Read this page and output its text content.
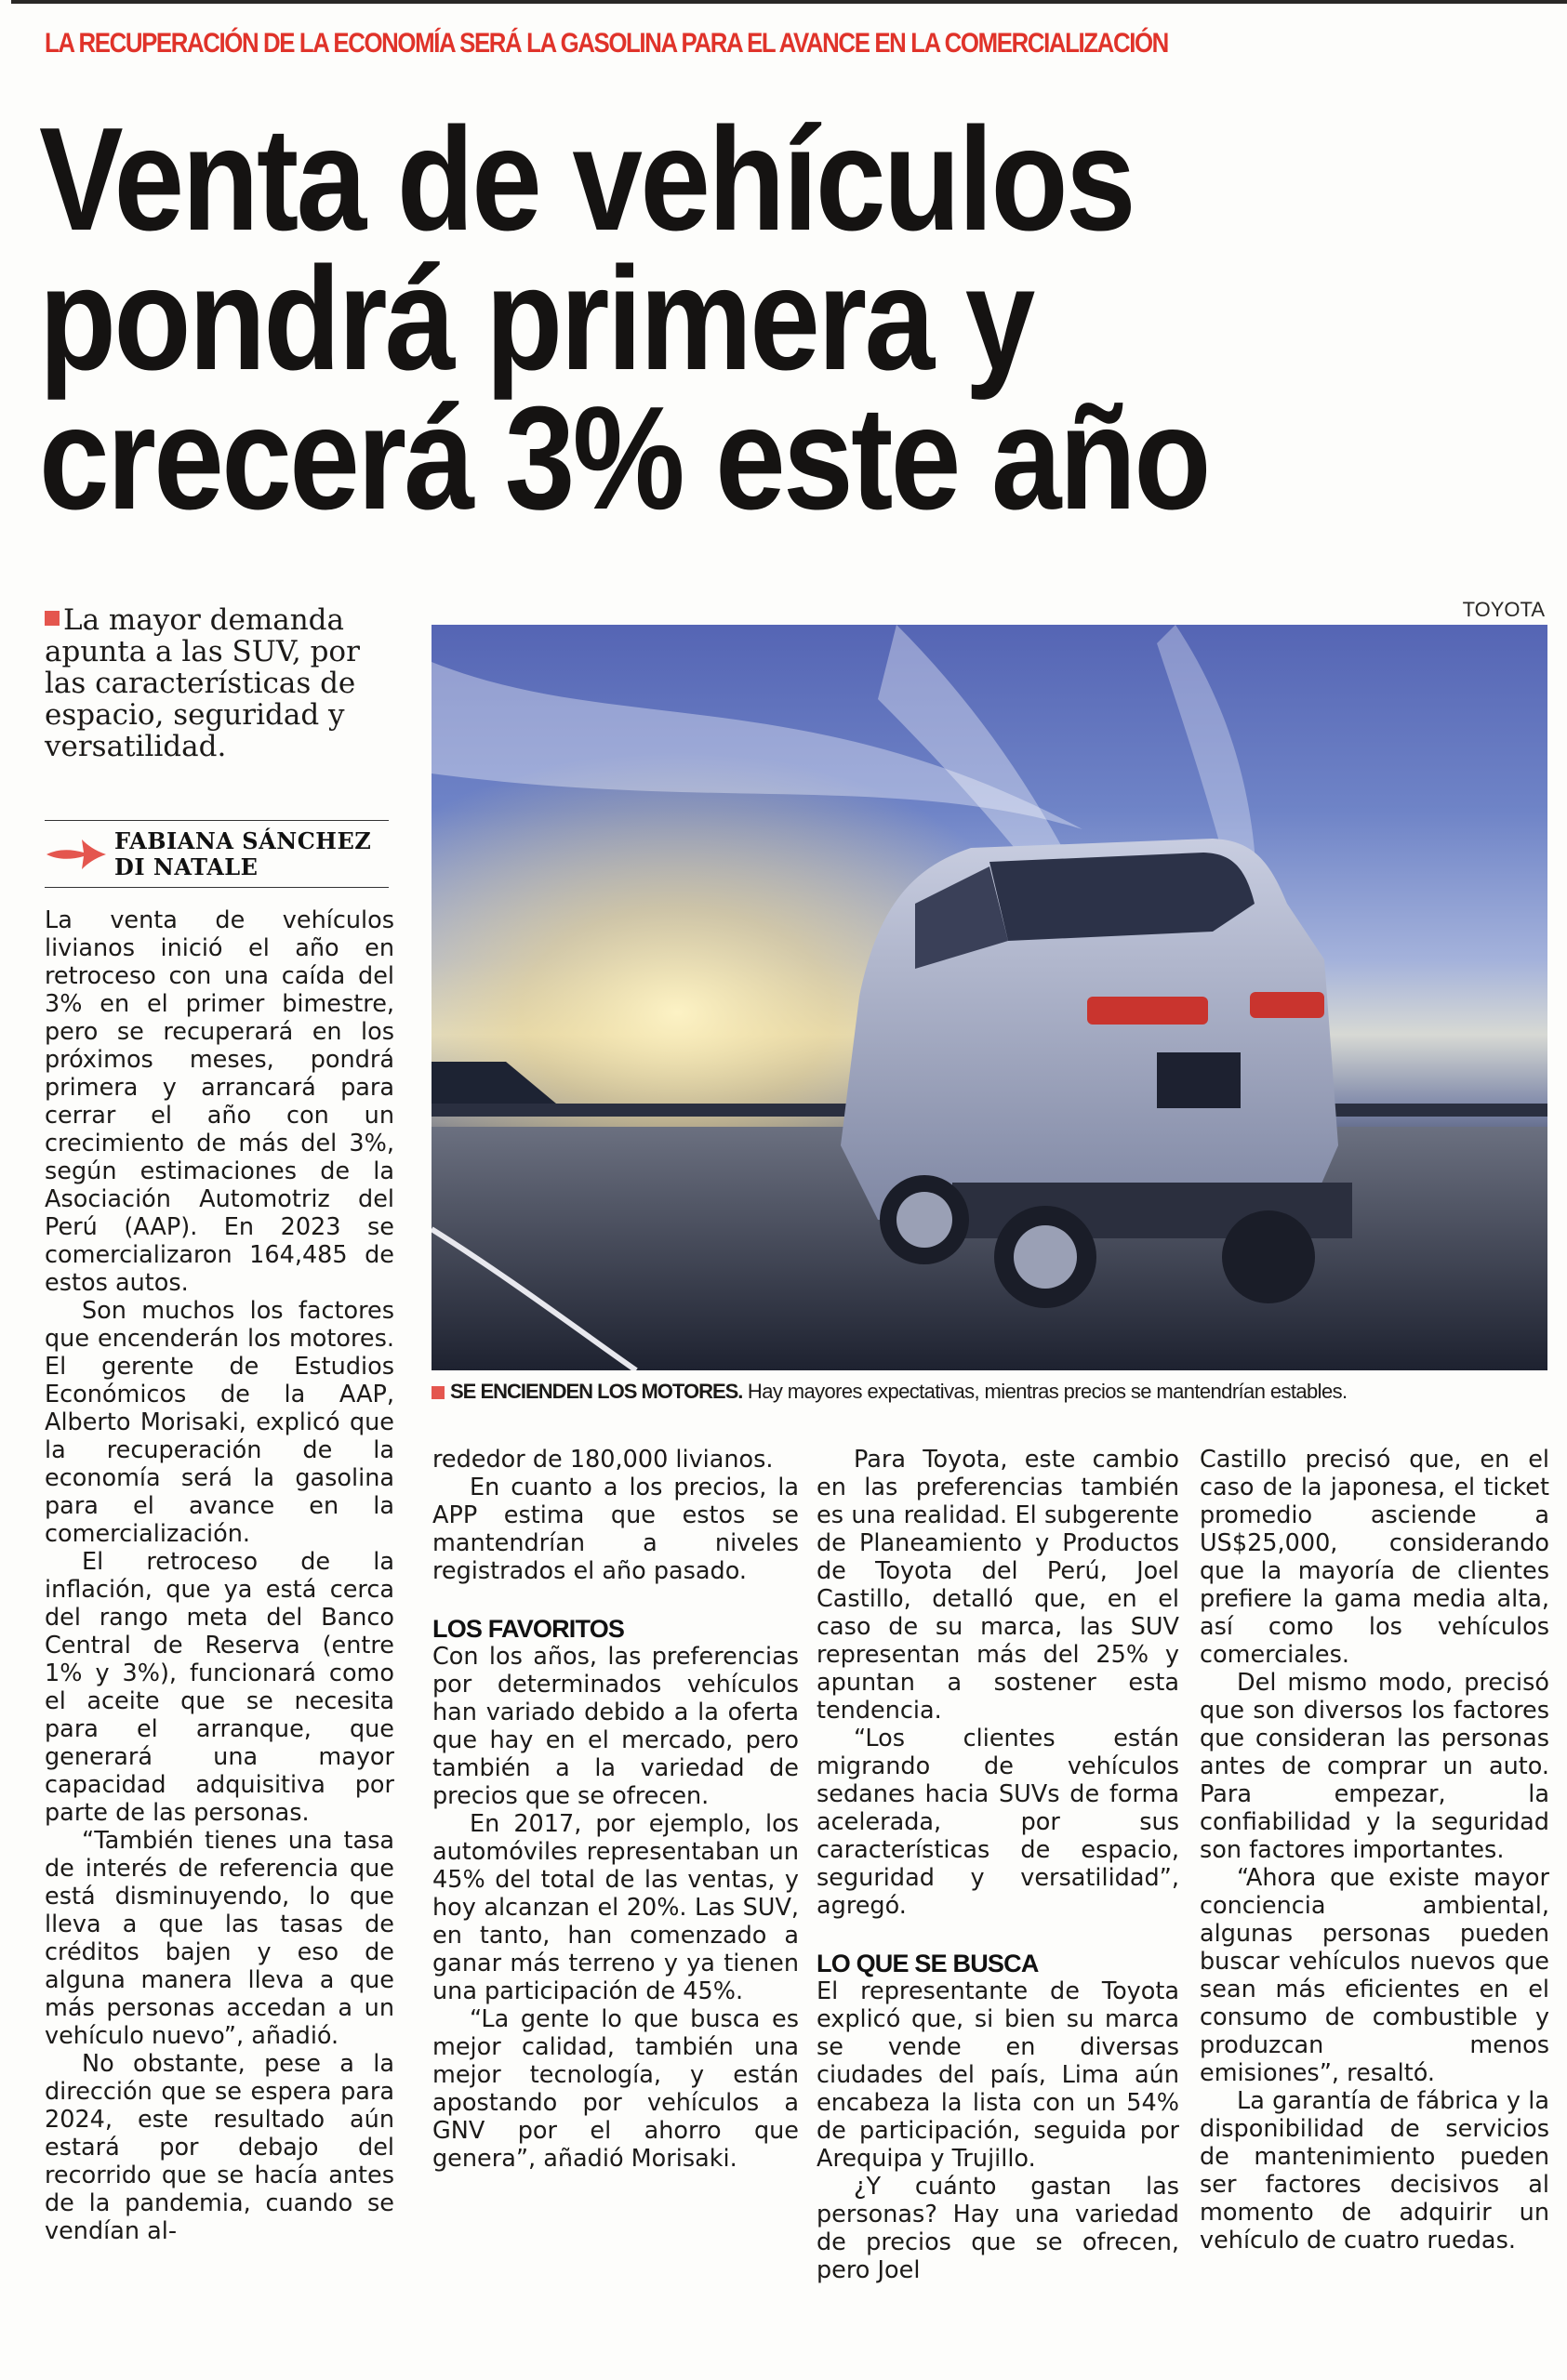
LA RECUPERACIÓN DE LA ECONOMÍA SERÁ LA GASOLINA PARA EL AVANCE EN LA COMERCIALIZACIÓN
Venta de vehículos
pondrá primera y
crecerá 3% este año
La mayor demanda apunta a las SUV, por las características de espacio, seguridad y versatilidad.
FABIANA SÁNCHEZ
DI NATALE
TOYOTA
SE ENCIENDEN LOS MOTORES. Hay mayores expectativas, mientras precios se mantendrían estables.

La venta de vehículos livianos inició el año en retroceso con una caída del 3% en el primer bimestre, pero se recuperará en los próximos meses, pondrá primera y arrancará para cerrar el año con un crecimiento de más del 3%, según estimaciones de la Asociación Automotriz del Perú (AAP). En 2023 se comercializaron 164,485 de estos autos.

Son muchos los factores que encenderán los motores. El gerente de Estudios Económicos de la AAP, Alberto Morisaki, explicó que la recuperación de la economía será la gasolina para el avance en la comercialización.

El retroceso de la inflación, que ya está cerca del rango meta del Banco Central de Reserva (entre 1% y 3%), funcionará como el aceite que se necesita para el arranque, que generará una mayor capacidad adquisitiva por parte de las personas.

“También tienes una tasa de interés de referencia que está disminuyendo, lo que lleva a que las tasas de créditos bajen y eso de alguna manera lleva a que más personas accedan a un vehículo nuevo”, añadió.

No obstante, pese a la dirección que se espera para 2024, este resultado aún estará por debajo del recorrido que se hacía antes de la pandemia, cuando se vendían al-

rededor de 180,000 livianos.

En cuanto a los precios, la APP estima que estos se mantendrían a niveles registrados el año pasado.

LOS FAVORITOS

Con los años, las preferencias por determinados vehículos han variado debido a la oferta que hay en el mercado, pero también a la variedad de precios que se ofrecen.

En 2017, por ejemplo, los automóviles representaban un 45% del total de las ventas, y hoy alcanzan el 20%. Las SUV, en tanto, han comenzado a ganar más terreno y ya tienen una participación de 45%.

“La gente lo que busca es mejor calidad, también una mejor tecnología, y están apostando por vehículos a GNV por el ahorro que genera”, añadió Morisaki.

Para Toyota, este cambio en las preferencias también es una realidad. El subgerente de Planeamiento y Productos de Toyota del Perú, Joel Castillo, detalló que, en el caso de su marca, las SUV representan más del 25% y apuntan a sostener esta tendencia.

“Los clientes están migrando de vehículos sedanes hacia SUVs de forma acelerada, por sus características de espacio, seguridad y versatilidad”, agregó.

LO QUE SE BUSCA

El representante de Toyota explicó que, si bien su marca se vende en diversas ciudades del país, Lima aún encabeza la lista con un 54% de participación, seguida por Arequipa y Trujillo.

¿Y cuánto gastan las personas? Hay una variedad de precios que se ofrecen, pero Joel

Castillo precisó que, en el caso de la japonesa, el ticket promedio asciende a US$25,000, considerando que la mayoría de clientes prefiere la gama media alta, así como los vehículos comerciales.

Del mismo modo, precisó que son diversos los factores que consideran las personas antes de comprar un auto. Para empezar, la confiabilidad y la seguridad son factores importantes.

“Ahora que existe mayor conciencia ambiental, algunas personas pueden buscar vehículos nuevos que sean más eficientes en el consumo de combustible y produzcan menos emisiones”, resaltó.

La garantía de fábrica y la disponibilidad de servicios de mantenimiento pueden ser factores decisivos al momento de adquirir un vehículo de cuatro ruedas.
